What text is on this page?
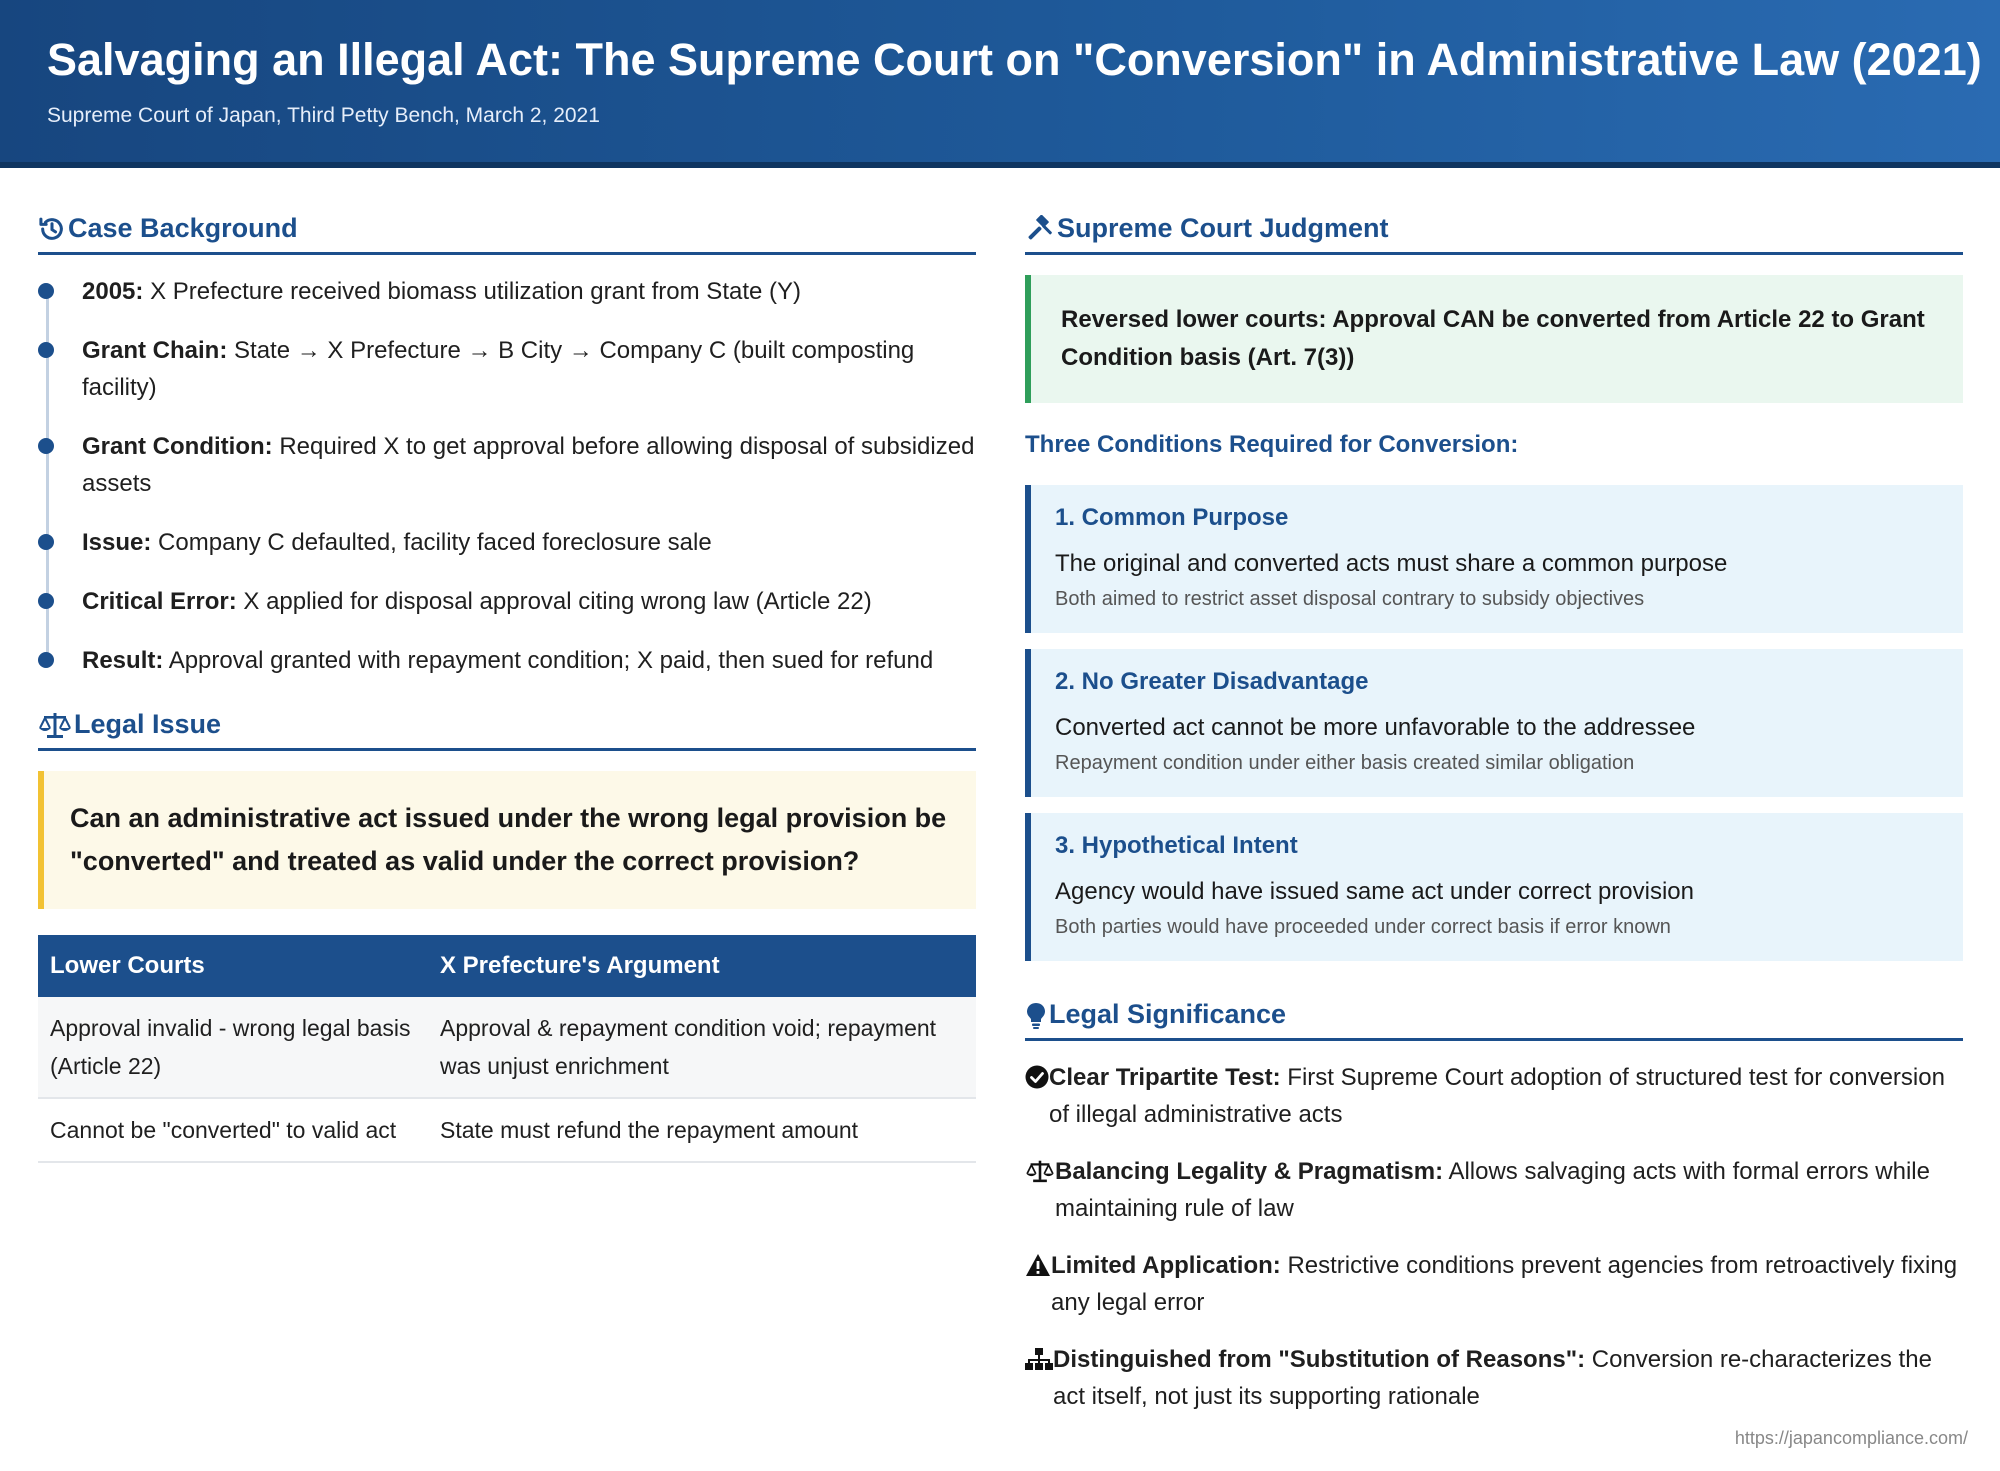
Salvaging an Illegal Act: The Supreme Court on "Conversion" in Administrative Law (2021)
Supreme Court of Japan, Third Petty Bench, March 2, 2021
Case Background
2005: X Prefecture received biomass utilization grant from State (Y)
Grant Chain: State → X Prefecture → B City → Company C (built composting facility)
Grant Condition: Required X to get approval before allowing disposal of subsidized assets
Issue: Company C defaulted, facility faced foreclosure sale
Critical Error: X applied for disposal approval citing wrong law (Article 22)
Result: Approval granted with repayment condition; X paid, then sued for refund
Legal Issue
Can an administrative act issued under the wrong legal provision be "converted" and treated as valid under the correct provision?
Lower Courts	X Prefecture's Argument
Approval invalid - wrong legal basis (Article 22)	Approval & repayment condition void; repayment was unjust enrichment
Cannot be "converted" to valid act	State must refund the repayment amount
Supreme Court Judgment
Reversed lower courts: Approval CAN be converted from Article 22 to Grant Condition basis (Art. 7(3))
Three Conditions Required for Conversion:
1. Common Purpose
The original and converted acts must share a common purpose
Both aimed to restrict asset disposal contrary to subsidy objectives
2. No Greater Disadvantage
Converted act cannot be more unfavorable to the addressee
Repayment condition under either basis created similar obligation
3. Hypothetical Intent
Agency would have issued same act under correct provision
Both parties would have proceeded under correct basis if error known
Legal Significance
Clear Tripartite Test: First Supreme Court adoption of structured test for conversion of illegal administrative acts
Balancing Legality & Pragmatism: Allows salvaging acts with formal errors while maintaining rule of law
Limited Application: Restrictive conditions prevent agencies from retroactively fixing any legal error
Distinguished from "Substitution of Reasons": Conversion re-characterizes the act itself, not just its supporting rationale
https://japancompliance.com/
